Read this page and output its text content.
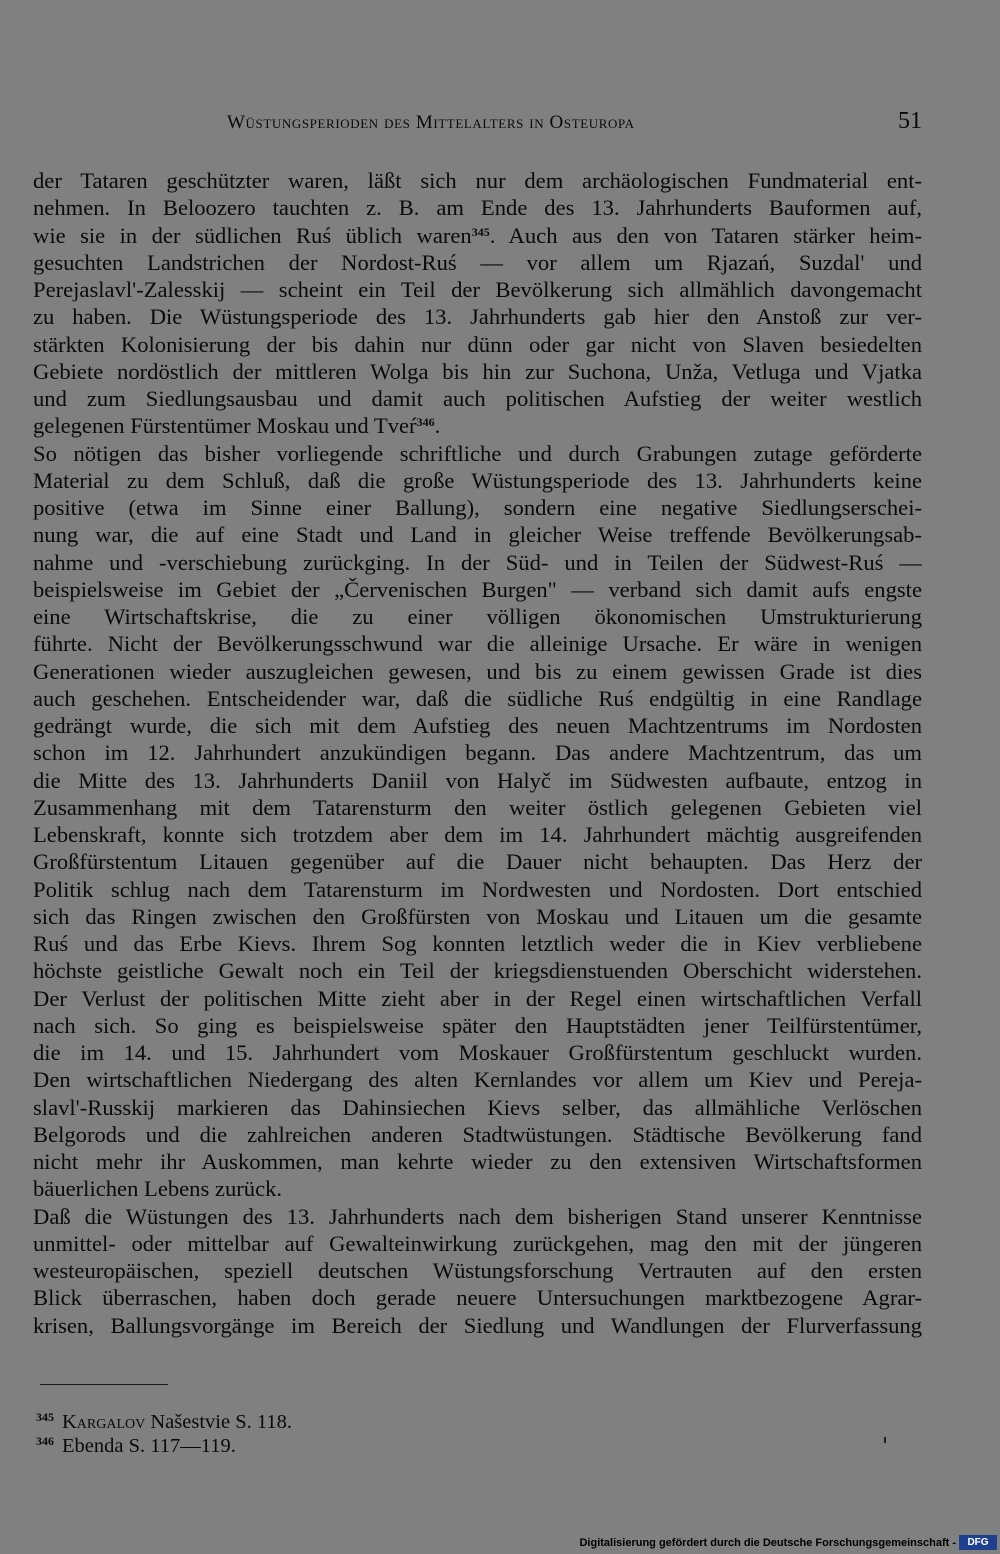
Wüstungsperioden des Mittelalters in Osteuropa	51
der Tataren geschützter waren, läßt sich nur dem archäologischen Fundmaterial ent-
nehmen. In Beloozero tauchten z. B. am Ende des 13. Jahrhunderts Bauformen auf,
wie sie in der südlichen Ruś üblich waren$^{345}$. Auch aus den von Tataren stärker heim-
gesuchten Landstrichen der Nordost-Ruś — vor allem um Rjazań, Suzdal' und
Perejaslavl'-Zalesskij — scheint ein Teil der Bevölkerung sich allmählich davongemacht
zu haben. Die Wüstungsperiode des 13. Jahrhunderts gab hier den Anstoß zur ver-
stärkten Kolonisierung der bis dahin nur dünn oder gar nicht von Slaven besiedelten
Gebiete nordöstlich der mittleren Wolga bis hin zur Suchona, Unža, Vetluga und Vjatka
und zum Siedlungsausbau und damit auch politischen Aufstieg der weiter westlich
gelegenen Fürstentümer Moskau und Tveŕ$^{346}$.
So nötigen das bisher vorliegende schriftliche und durch Grabungen zutage geförderte
Material zu dem Schluß, daß die große Wüstungsperiode des 13. Jahrhunderts keine
positive (etwa im Sinne einer Ballung), sondern eine negative Siedlungserschei-
nung war, die auf eine Stadt und Land in gleicher Weise treffende Bevölkerungsab-
nahme und -verschiebung zurückging. In der Süd- und in Teilen der Südwest-Ruś —
beispielsweise im Gebiet der „Červenischen Burgen" — verband sich damit aufs engste
eine Wirtschaftskrise, die zu einer völligen ökonomischen Umstrukturierung
führte. Nicht der Bevölkerungsschwund war die alleinige Ursache. Er wäre in wenigen
Generationen wieder auszugleichen gewesen, und bis zu einem gewissen Grade ist dies
auch geschehen. Entscheidender war, daß die südliche Ruś endgültig in eine Randlage
gedrängt wurde, die sich mit dem Aufstieg des neuen Machtzentrums im Nordosten
schon im 12. Jahrhundert anzukündigen begann. Das andere Machtzentrum, das um
die Mitte des 13. Jahrhunderts Daniil von Halyč im Südwesten aufbaute, entzog in
Zusammenhang mit dem Tatarensturm den weiter östlich gelegenen Gebieten viel
Lebenskraft, konnte sich trotzdem aber dem im 14. Jahrhundert mächtig ausgreifenden
Großfürstentum Litauen gegenüber auf die Dauer nicht behaupten. Das Herz der
Politik schlug nach dem Tatarensturm im Nordwesten und Nordosten. Dort entschied
sich das Ringen zwischen den Großfürsten von Moskau und Litauen um die gesamte
Ruś und das Erbe Kievs. Ihrem Sog konnten letztlich weder die in Kiev verbliebene
höchste geistliche Gewalt noch ein Teil der kriegsdienstuenden Oberschicht widerstehen.
Der Verlust der politischen Mitte zieht aber in der Regel einen wirtschaftlichen Verfall
nach sich. So ging es beispielsweise später den Hauptstädten jener Teilfürstentümer,
die im 14. und 15. Jahrhundert vom Moskauer Großfürstentum geschluckt wurden.
Den wirtschaftlichen Niedergang des alten Kernlandes vor allem um Kiev und Pereja-
slavl'-Russkij markieren das Dahinsiechen Kievs selber, das allmähliche Verlöschen
Belgorods und die zahlreichen anderen Stadtwüstungen. Städtische Bevölkerung fand
nicht mehr ihr Auskommen, man kehrte wieder zu den extensiven Wirtschaftsformen
bäuerlichen Lebens zurück.
Daß die Wüstungen des 13. Jahrhunderts nach dem bisherigen Stand unserer Kenntnisse
unmittel- oder mittelbar auf Gewalteinwirkung zurückgehen, mag den mit der jüngeren
westeuropäischen, speziell deutschen Wüstungsforschung Vertrauten auf den ersten
Blick überraschen, haben doch gerade neuere Untersuchungen marktbezogene Agrar-
krisen, Ballungsvorgänge im Bereich der Siedlung und Wandlungen der Flurverfassung
$^{345}$ Kargalov Našestvie S. 118.
$^{346}$ Ebenda S. 117—119.
Digitalisierung gefördert durch die Deutsche Forschungsgemeinschaft -	DFG
